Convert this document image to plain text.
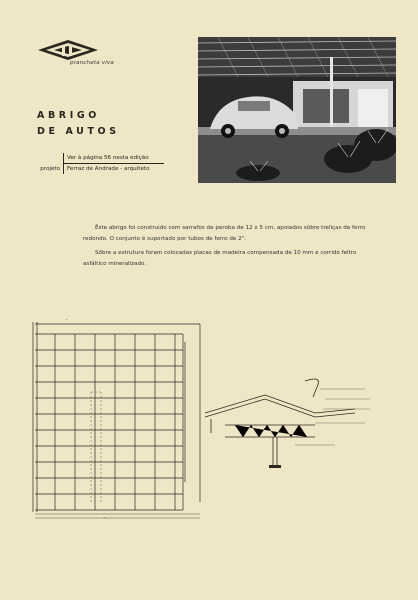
prancheta viva
ABRIGO
DE AUTOS
Ver à página 56 nesta edição
projeto	Ferraz de Andrade - arquiteto

Êste abrigo foi construido com sarrafos de peroba de 12 x 5 cm, apoiados sôbre treliças de ferro redondo. O conjunto é suportado por tubos de ferro de 2".

Sôbre a estrutura foram colocadas placas de madeira compensada de 10 mm e corrido feltro asfáltico mineralizado.

—
—
